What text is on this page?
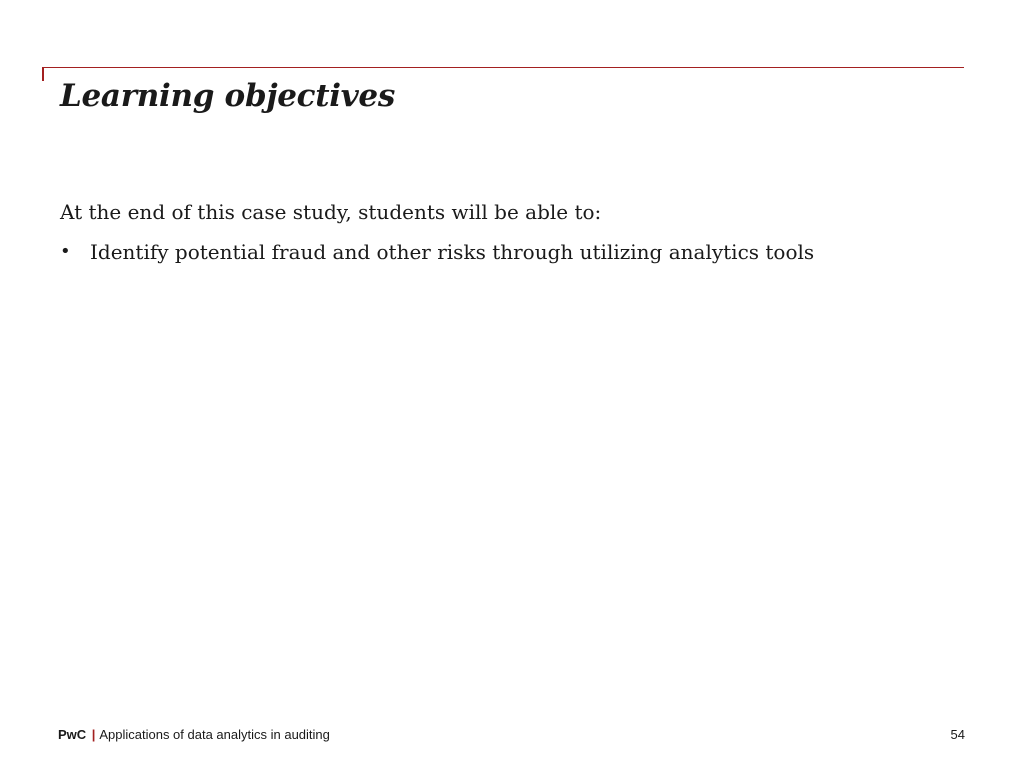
Learning objectives

At the end of this case study, students will be able to:

• Identify potential fraud and other risks through utilizing analytics tools
PwC | Applications of data analytics in auditing	54
